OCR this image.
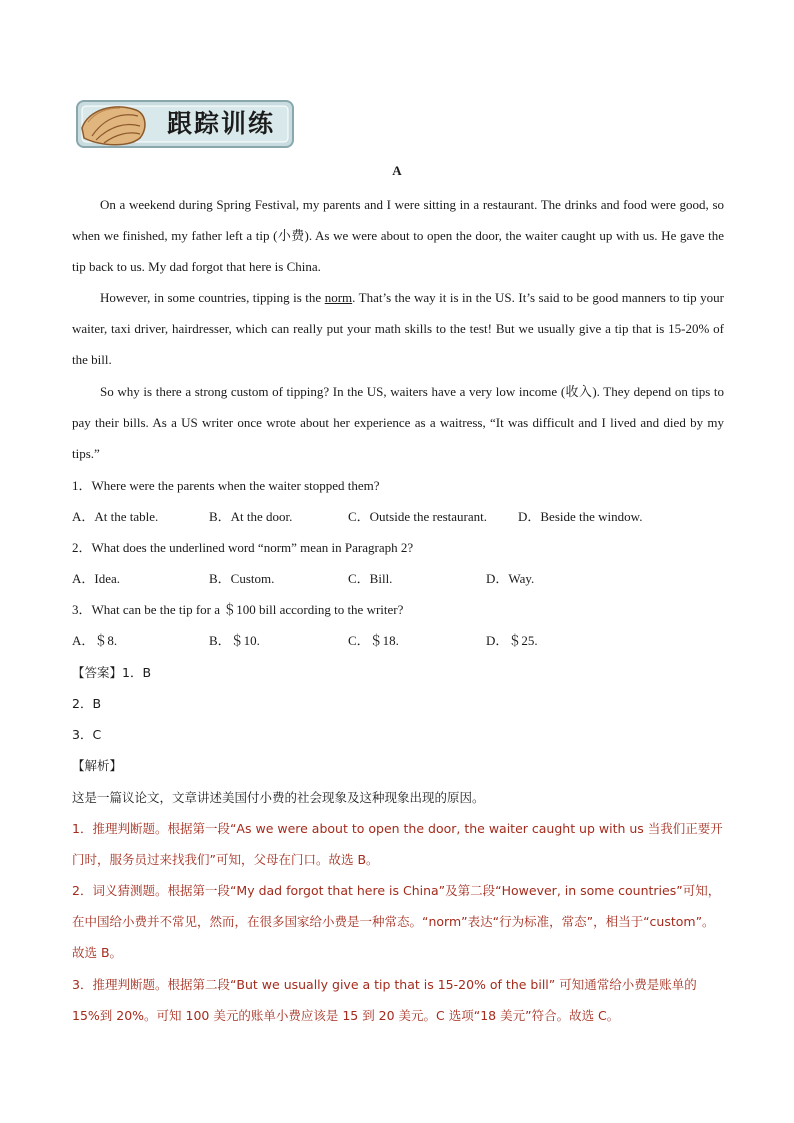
跟踪训练
A
On a weekend during Spring Festival, my parents and I were sitting in a restaurant. The drinks and food were good, so when we finished, my father left a tip (小费). As we were about to open the door, the waiter caught up with us. He gave the tip back to us. My dad forgot that here is China.
However, in some countries, tipping is the norm. That’s the way it is in the US. It’s said to be good manners to tip your waiter, taxi driver, hairdresser, which can really put your math skills to the test! But we usually give a tip that is 15-20% of the bill.
So why is there a strong custom of tipping? In the US, waiters have a very low income (收入). They depend on tips to pay their bills. As a US writer once wrote about her experience as a waitress, “It was difficult and I lived and died by my tips.”
1．Where were the parents when the waiter stopped them?
A．At the table.	B．At the door.	C．Outside the restaurant. D．Beside the window.
2．What does the underlined word “norm” mean in Paragraph 2?
A．Idea.	B．Custom.	C．Bill.	D．Way.
3．What can be the tip for a ＄100 bill according to the writer?
A．＄8.	B．＄10.	C．＄18.	D．＄25.
【答案】1．B
2．B
3．C
【解析】
这是一篇议论文，文章讲述美国付小费的社会现象及这种现象出现的原因。
1．推理判断题。根据第一段“As we were about to open the door, the waiter caught up with us 当我们正要开门时，服务员过来找我们”可知，父母在门口。故选 B。
2．词义猜测题。根据第一段“My dad forgot that here is China”及第二段“However, in some countries”可知，在中国给小费并不常见，然而，在很多国家给小费是一种常态。“norm”表达“行为标准，常态”，相当于“custom”。故选 B。
3．推理判断题。根据第二段“But we usually give a tip that is 15-20% of the bill” 可知通常给小费是账单的 15%到 20%。可知 100 美元的账单小费应该是 15 到 20 美元。C 选项“18 美元”符合。故选 C。
